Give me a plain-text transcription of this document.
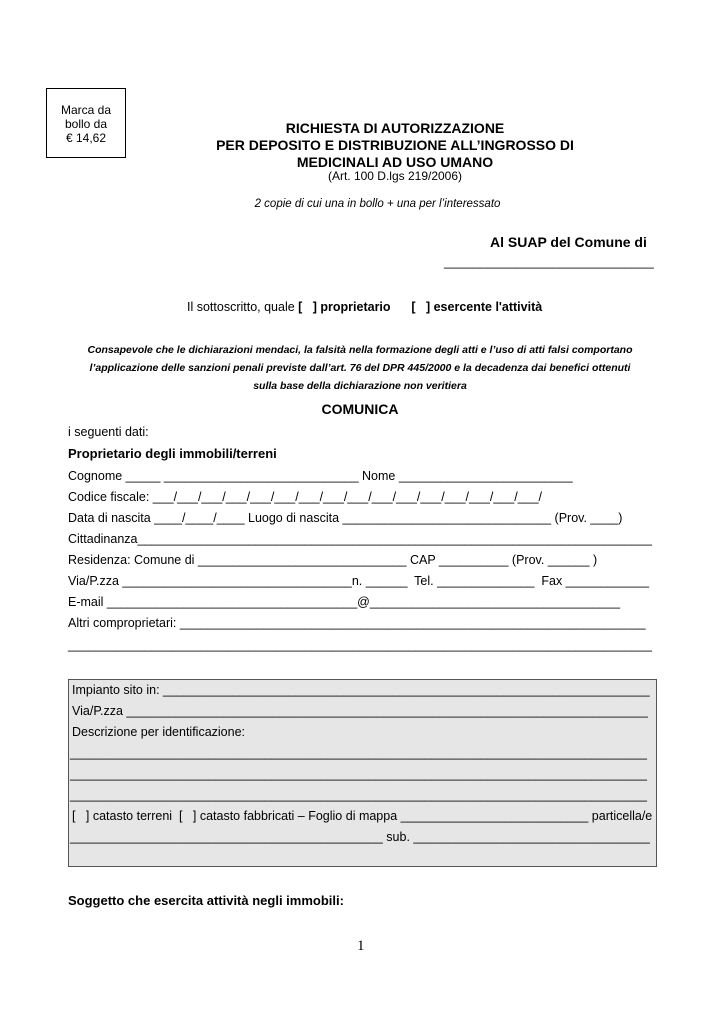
Marca da
bollo da
€ 14,62
RICHIESTA DI AUTORIZZAZIONE
PER DEPOSITO E DISTRIBUZIONE ALL’INGROSSO DI
MEDICINALI AD USO UMANO
(Art. 100 D.lgs 219/2006)
2 copie di cui una in bollo + una per l’interessato
Al SUAP del Comune di
_____________________________
Il sottoscritto, quale [   ] proprietario [   ] esercente l'attività
Consapevole che le dichiarazioni mendaci, la falsità nella formazione degli atti e l’uso di atti falsi comportano
l’applicazione delle sanzioni penali previste dall’art. 76 del DPR 445/2000 e la decadenza dai benefici ottenuti
sulla base della dichiarazione non veritiera
COMUNICA
i seguenti dati:
Proprietario degli immobili/terreni
Cognome _____ ____________________________ Nome _________________________
Codice fiscale: ___/___/___/___/___/___/___/___/___/___/___/___/___/___/___/___/
Data di nascita ____/____/____ Luogo di nascita ______________________________ (Prov. ____)
Cittadinanza__________________________________________________________________________
Residenza: Comune di ______________________________ CAP __________ (Prov. ______ )
Via/P.zza _________________________________n. ______  Tel. ______________  Fax ____________
E-mail ____________________________________@____________________________________
Altri comproprietari: ___________________________________________________________________
____________________________________________________________________________________
Impianto sito in: ______________________________________________________________________
Via/P.zza ___________________________________________________________________________
Descrizione per identificazione:
___________________________________________________________________________________
___________________________________________________________________________________
___________________________________________________________________________________
[   ] catasto terreni  [   ] catasto fabbricati – Foglio di mappa ___________________________ particella/e
_____________________________________________ sub. __________________________________
Soggetto che esercita attività negli immobili:
1
